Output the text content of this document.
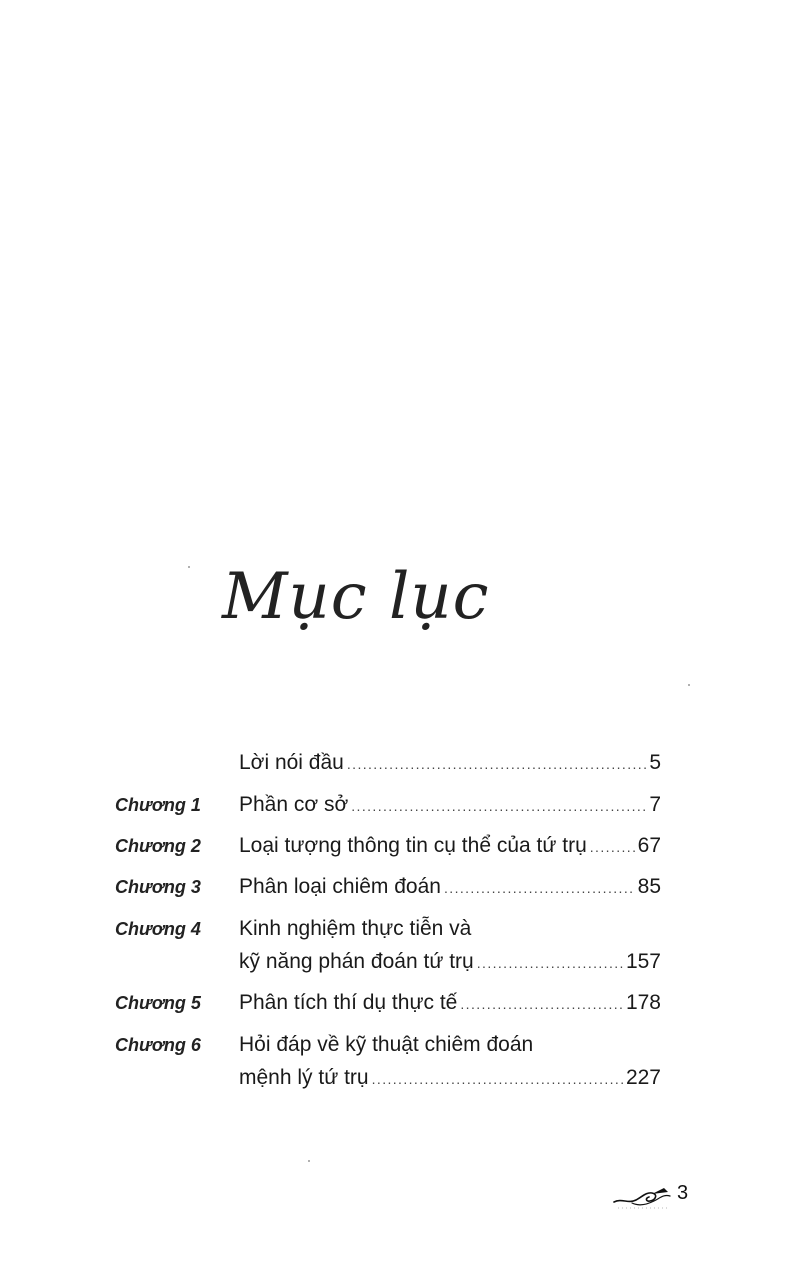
Mục lục
Lời nói đầu .....	5
Chương 1	Phần cơ sở .....	7
Chương 2	Loại tượng thông tin cụ thể của tứ trụ ..... 67
Chương 3	Phân loại chiêm đoán .....	85
Chương 4	Kinh nghiệm thực tiễn và
kỹ năng phán đoán tứ trụ .....	157
Chương 5	Phân tích thí dụ thực tế .....	178
Chương 6	Hỏi đáp về kỹ thuật chiêm đoán
mệnh lý tứ trụ .....	227
3
